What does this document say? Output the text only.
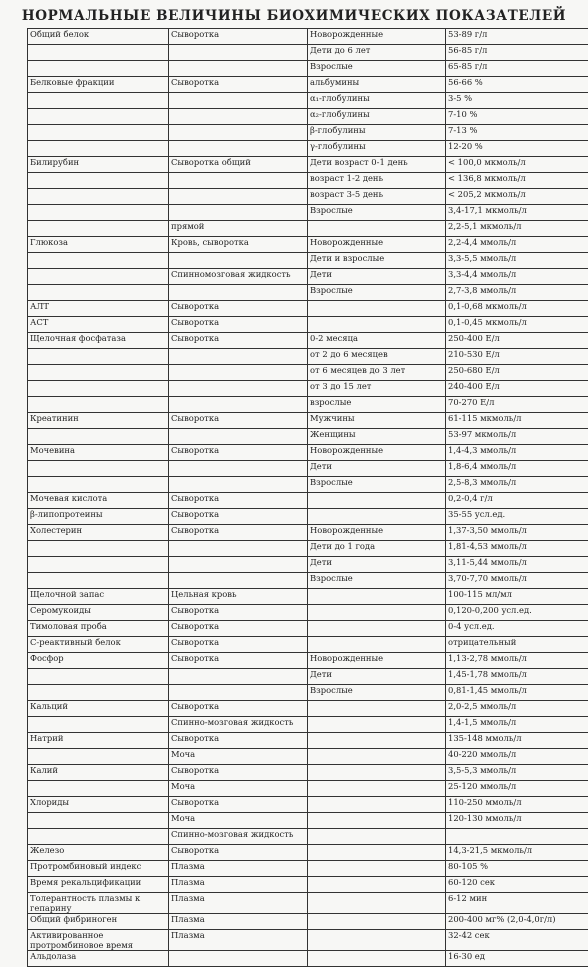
НОРМАЛЬНЫЕ ВЕЛИЧИНЫ БИОХИМИЧЕСКИХ ПОКАЗАТЕЛЕЙ
Общий белок	Сыворотка	Новорожденные	53-89 г/л
		Дети до 6 лет	56-85 г/л
		Взрослые	65-85 г/л
Белковые фракции	Сыворотка	альбумины	56-66 %
		α₁-глобулины	3-5 %
		α₂-глобулины	7-10 %
		β-глобулины	7-13 %
		γ-глобулины	12-20 %
Билирубин	Сыворотка общий	Дети возраст 0-1 день	< 100,0 мкмоль/л
		возраст 1-2 день	< 136,8 мкмоль/л
		возраст 3-5 день	< 205,2 мкмоль/л
		Взрослые	3,4-17,1 мкмоль/л
	прямой		2,2-5,1 мкмоль/л
Глюкоза	Кровь, сыворотка	Новорожденные	2,2-4,4 ммоль/л
		Дети и взрослые	3,3-5,5 ммоль/л
	Спинномозговая жидкость	Дети	3,3-4,4 ммоль/л
		Взрослые	2,7-3,8 ммоль/л
АЛТ	Сыворотка		0,1-0,68 мкмоль/л
АСТ	Сыворотка		0,1-0,45 мкмоль/л
Щелочная фосфатаза	Сыворотка	0-2 месяца	250-400 Е/л
		от 2 до 6 месяцев	210-530 Е/л
		от 6 месяцев до 3 лет	250-680 Е/л
		от 3 до 15 лет	240-400 Е/л
		взрослые	70-270 Е/л
Креатинин	Сыворотка	Мужчины	61-115 мкмоль/л
		Женщины	53-97 мкмоль/л
Мочевина	Сыворотка	Новорожденные	1,4-4,3 ммоль/л
		Дети	1,8-6,4 ммоль/л
		Взрослые	2,5-8,3 ммоль/л
Мочевая кислота	Сыворотка		0,2-0,4 г/л
β-липопротеины	Сыворотка		35-55 усл.ед.
Холестерин	Сыворотка	Новорожденные	1,37-3,50 ммоль/л
		Дети до 1 года	1,81-4,53 ммоль/л
		Дети	3,11-5,44 ммоль/л
		Взрослые	3,70-7,70 ммоль/л
Щелочной запас	Цельная кровь		100-115 мл/мл
Серомукоиды	Сыворотка		0,120-0,200 усл.ед.
Тимоловая проба	Сыворотка		0-4 усл.ед.
С-реактивный белок	Сыворотка		отрицательный
Фосфор	Сыворотка	Новорожденные	1,13-2,78 ммоль/л
		Дети	1,45-1,78 ммоль/л
		Взрослые	0,81-1,45 ммоль/л
Кальций	Сыворотка		2,0-2,5 ммоль/л
	Спинно-мозговая жидкость		1,4-1,5 ммоль/л
Натрий	Сыворотка		135-148 ммоль/л
	Моча		40-220 ммоль/л
Калий	Сыворотка		3,5-5,3 ммоль/л
	Моча		25-120 ммоль/л
Хлориды	Сыворотка		110-250 ммоль/л
	Моча		120-130 ммоль/л
	Спинно-мозговая жидкость		
Железо	Сыворотка		14,3-21,5 мкмоль/л
Протромбиновый индекс	Плазма		80-105 %
Время рекальцификации	Плазма		60-120 сек
Толерантность плазмы к гепарину	Плазма		6-12 мин
Общий фибриноген	Плазма		200-400 мг% (2,0-4,0г/л)
Активированное протромбиновое время	Плазма		32-42 сек
Альдолаза			16-30 ед
